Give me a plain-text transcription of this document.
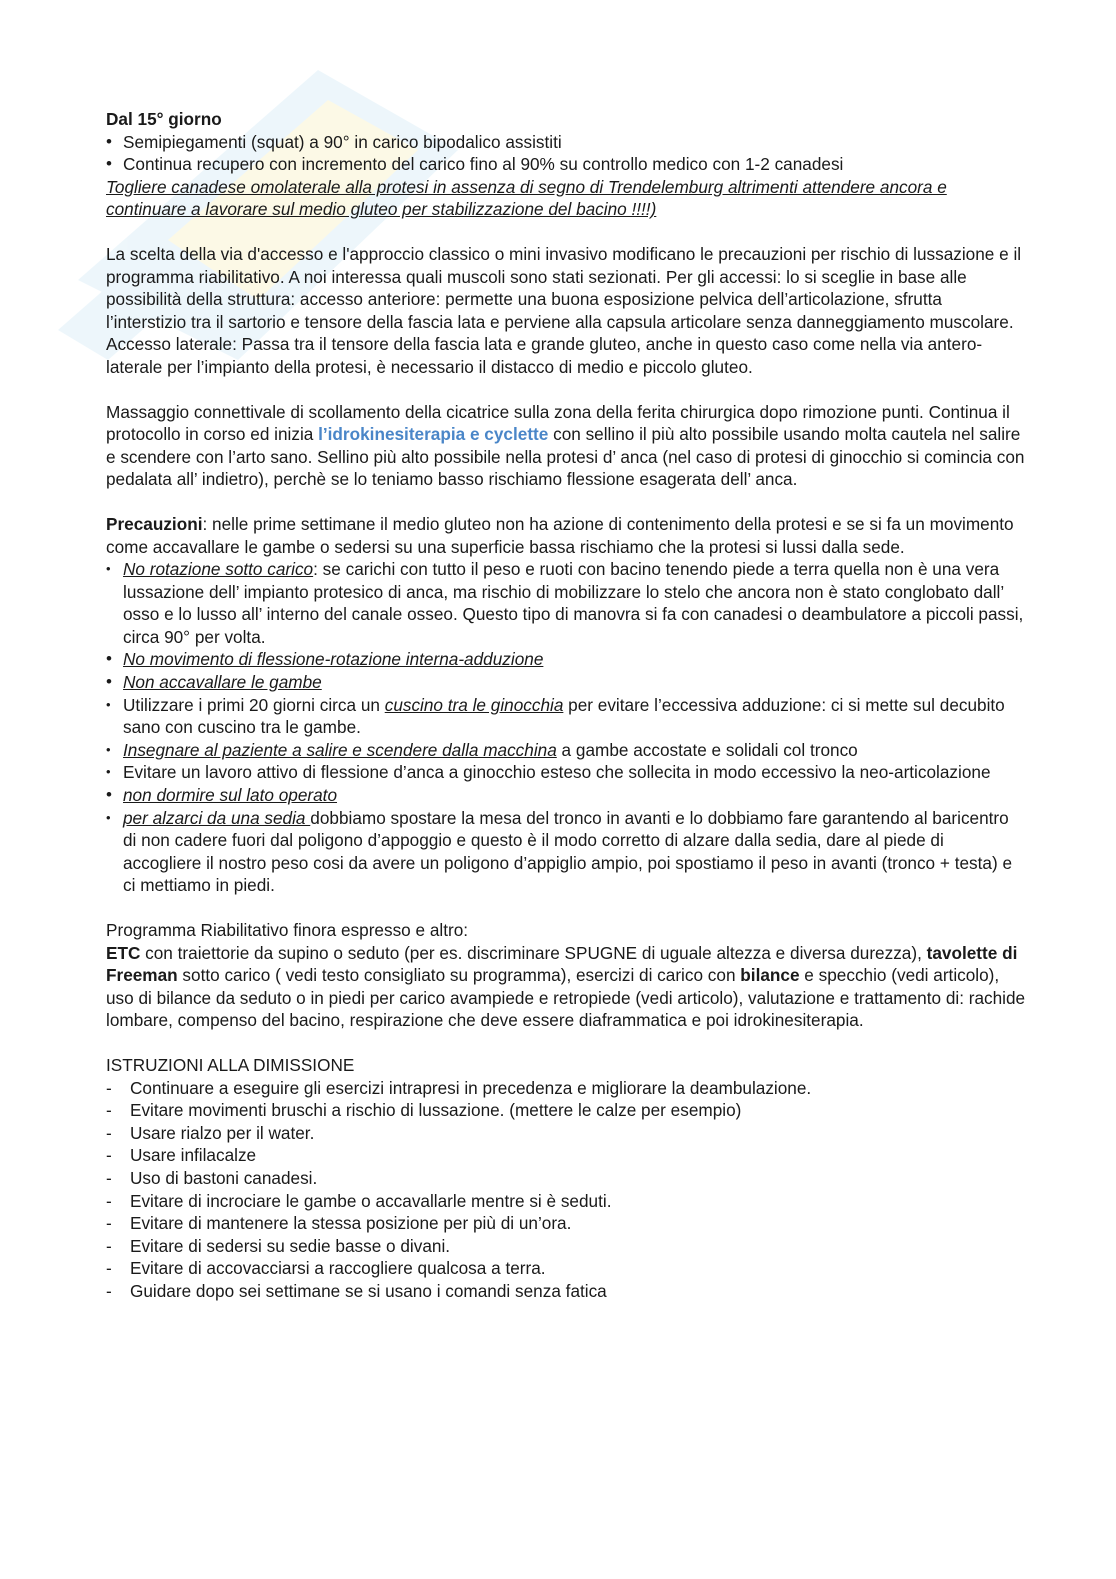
Dal 15° giorno

• Semipiegamenti (squat) a 90° in carico bipodalico assistiti
• Continua recupero con incremento del carico fino al 90% su controllo medico con 1-2 canadesi

Togliere canadese omolaterale alla protesi in assenza di segno di Trendelemburg altrimenti attendere ancora e continuare a lavorare sul medio gluteo per stabilizzazione del bacino !!!!)

La scelta della via d'accesso e l'approccio classico o mini invasivo modificano le precauzioni per rischio di lussazione e il programma riabilitativo. A noi interessa quali muscoli sono stati sezionati. Per gli accessi: lo si sceglie in base alle possibilità della struttura: accesso anteriore: permette una buona esposizione pelvica dell’articolazione, sfrutta l’interstizio tra il sartorio e tensore della fascia lata e perviene alla capsula articolare senza danneggiamento muscolare. Accesso laterale: Passa tra il tensore della fascia lata e grande gluteo, anche in questo caso come nella via antero- laterale per l’impianto della protesi, è necessario il distacco di medio e piccolo gluteo.

Massaggio connettivale di scollamento della cicatrice sulla zona della ferita chirurgica dopo rimozione punti. Continua il protocollo in corso ed inizia l’idrokinesiterapia e cyclette con sellino il più alto possibile usando molta cautela nel salire e scendere con l’arto sano. Sellino più alto possibile nella protesi d’ anca (nel caso di protesi di ginocchio si comincia con pedalata all’ indietro), perchè se lo teniamo basso rischiamo flessione esagerata dell’ anca.

Precauzioni: nelle prime settimane il medio gluteo non ha azione di contenimento della protesi e se si fa un movimento come accavallare le gambe o sedersi su una superficie bassa rischiamo che la protesi si lussi dalla sede.

• No rotazione sotto carico: se carichi con tutto il peso e ruoti con bacino tenendo piede a terra quella non è una vera lussazione dell’ impianto protesico di anca, ma rischio di mobilizzare lo stelo che ancora non è stato conglobato dall’ osso e lo lusso all’ interno del canale osseo. Questo tipo di manovra si fa con canadesi o deambulatore a piccoli passi, circa 90° per volta.
• No movimento di flessione-rotazione interna-adduzione
• Non accavallare le gambe
• Utilizzare i primi 20 giorni circa un cuscino tra le ginocchia per evitare l’eccessiva adduzione: ci si mette sul decubito sano con cuscino tra le gambe.
• Insegnare al paziente a salire e scendere dalla macchina a gambe accostate e solidali col tronco
• Evitare un lavoro attivo di flessione d’anca a ginocchio esteso che sollecita in modo eccessivo la neo-articolazione
• non dormire sul lato operato
• per alzarci da una sedia dobbiamo spostare la mesa del tronco in avanti e lo dobbiamo fare garantendo al baricentro di non cadere fuori dal poligono d’appoggio e questo è il modo corretto di alzare dalla sedia, dare al piede di accogliere il nostro peso cosi da avere un poligono d’appiglio ampio, poi spostiamo il peso in avanti (tronco + testa) e ci mettiamo in piedi.

Programma Riabilitativo finora espresso e altro:

ETC con traiettorie da supino o seduto (per es. discriminare SPUGNE di uguale altezza e diversa durezza), tavolette di Freeman sotto carico ( vedi testo consigliato su programma), esercizi di carico con bilance e specchio (vedi articolo), uso di bilance da seduto o in piedi per carico avampiede e retropiede (vedi articolo), valutazione e trattamento di: rachide lombare, compenso del bacino, respirazione che deve essere diaframmatica e poi idrokinesiterapia.

ISTRUZIONI ALLA DIMISSIONE

-	Continuare a eseguire gli esercizi intrapresi in precedenza e migliorare la deambulazione.
-	Evitare movimenti bruschi a rischio di lussazione. (mettere le calze per esempio)
-	Usare rialzo per il water.
-	Usare infilacalze
-	Uso di bastoni canadesi.
-	Evitare di incrociare le gambe o accavallarle mentre si è seduti.
-	Evitare di mantenere la stessa posizione per più di un’ora.
-	Evitare di sedersi su sedie basse o divani.
-	Evitare di accovacciarsi a raccogliere qualcosa a terra.
-	Guidare dopo sei settimane se si usano i comandi senza fatica
